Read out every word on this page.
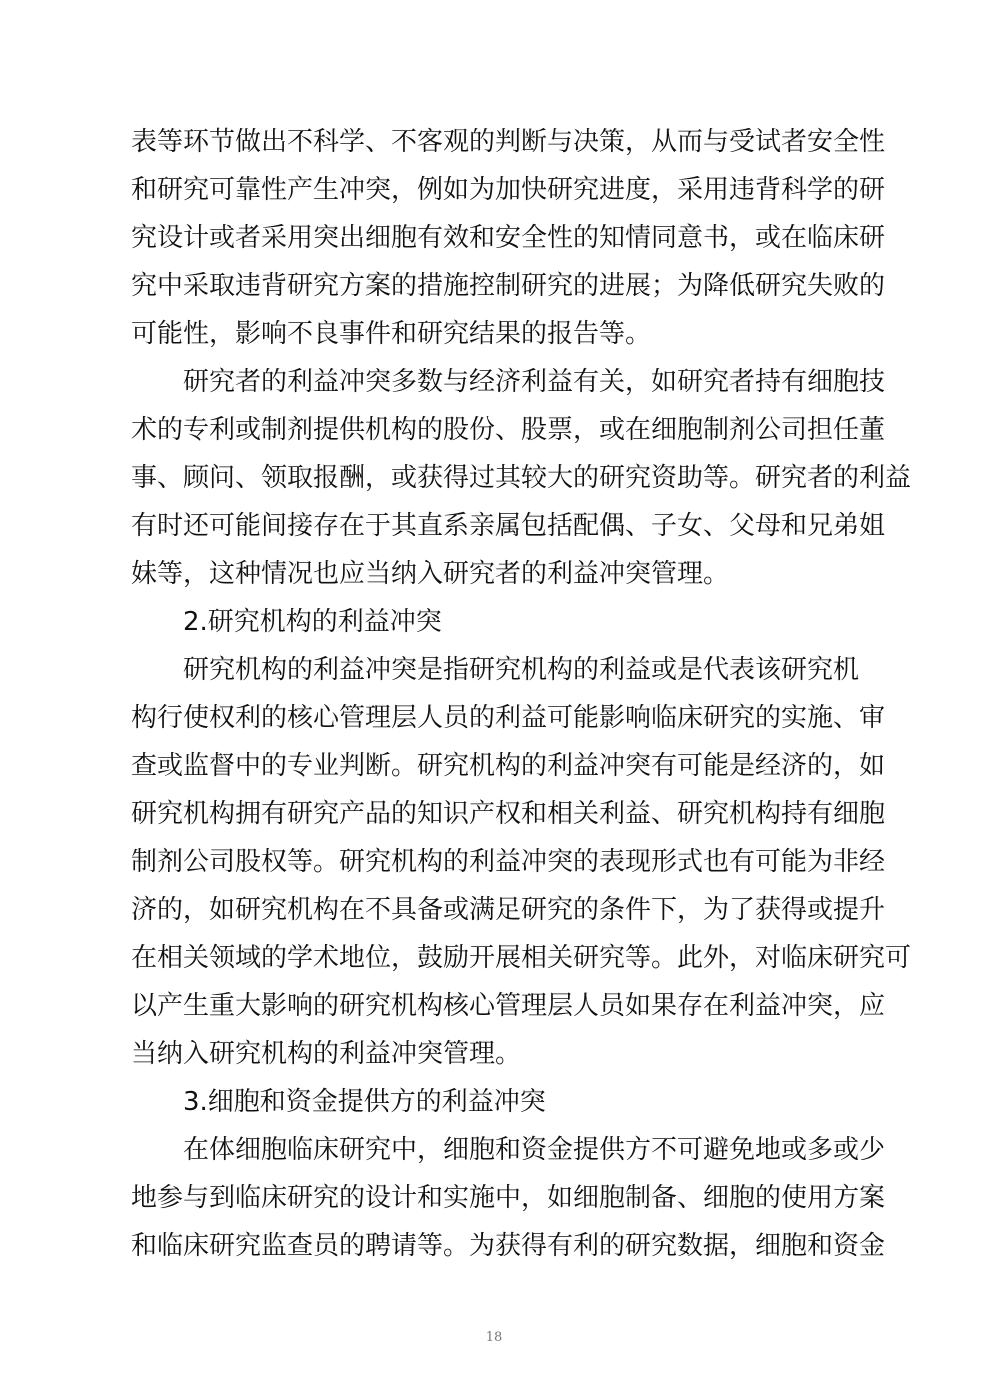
表等环节做出不科学、不客观的判断与决策，从而与受试者安全性
和研究可靠性产生冲突，例如为加快研究进度，采用违背科学的研
究设计或者采用突出细胞有效和安全性的知情同意书，或在临床研
究中采取违背研究方案的措施控制研究的进展；为降低研究失败的
可能性，影响不良事件和研究结果的报告等。
研究者的利益冲突多数与经济利益有关，如研究者持有细胞技
术的专利或制剂提供机构的股份、股票，或在细胞制剂公司担任董
事、顾问、领取报酬，或获得过其较大的研究资助等。研究者的利益
有时还可能间接存在于其直系亲属包括配偶、子女、父母和兄弟姐
妹等，这种情况也应当纳入研究者的利益冲突管理。
2.研究机构的利益冲突
研究机构的利益冲突是指研究机构的利益或是代表该研究机
构行使权利的核心管理层人员的利益可能影响临床研究的实施、审
查或监督中的专业判断。研究机构的利益冲突有可能是经济的，如
研究机构拥有研究产品的知识产权和相关利益、研究机构持有细胞
制剂公司股权等。研究机构的利益冲突的表现形式也有可能为非经
济的，如研究机构在不具备或满足研究的条件下，为了获得或提升
在相关领域的学术地位，鼓励开展相关研究等。此外，对临床研究可
以产生重大影响的研究机构核心管理层人员如果存在利益冲突，应
当纳入研究机构的利益冲突管理。
3.细胞和资金提供方的利益冲突
在体细胞临床研究中，细胞和资金提供方不可避免地或多或少
地参与到临床研究的设计和实施中，如细胞制备、细胞的使用方案
和临床研究监查员的聘请等。为获得有利的研究数据，细胞和资金
18
